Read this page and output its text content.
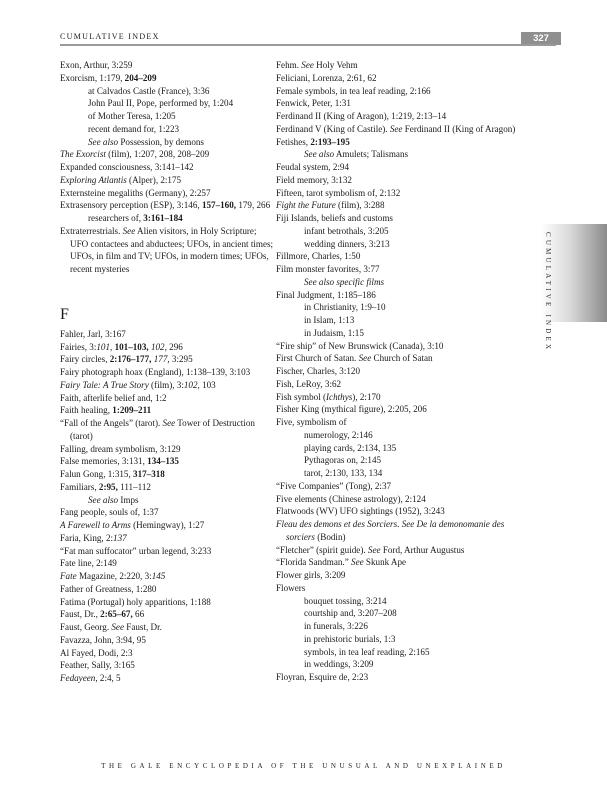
CUMULATIVE INDEX	327
Exon, Arthur, 3:259
Exorcism, 1:179, 204–209
at Calvados Castle (France), 3:36
John Paul II, Pope, performed by, 1:204
of Mother Teresa, 1:205
recent demand for, 1:223
See also Possession, by demons
The Exorcist (film), 1:207, 208, 208–209
Expanded consciousness, 3:141–142
Exploring Atlantis (Alper), 2:175
Externsteine megaliths (Germany), 2:257
Extrasensory perception (ESP), 3:146, 157–160, 179, 266
researchers of, 3:161–184
Extraterrestrials. See Alien visitors, in Holy Scripture; UFO contactees and abductees; UFOs, in ancient times; UFOs, in film and TV; UFOs, in modern times; UFOs, recent mysteries
F
Fahler, Jarl, 3:167
Fairies, 3:101, 101–103, 102, 296
Fairy circles, 2:176–177, 177, 3:295
Fairy photograph hoax (England), 1:138–139, 3:103
Fairy Tale: A True Story (film), 3:102, 103
Faith, afterlife belief and, 1:2
Faith healing, 1:209–211
“Fall of the Angels” (tarot). See Tower of Destruction (tarot)
Falling, dream symbolism, 3:129
False memories, 3:131, 134–135
Falun Gong, 1:315, 317–318
Familiars, 2:95, 111–112
See also Imps
Fang people, souls of, 1:37
A Farewell to Arms (Hemingway), 1:27
Faria, King, 2:137
“Fat man suffocator” urban legend, 3:233
Fate line, 2:149
Fate Magazine, 2:220, 3:145
Father of Greatness, 1:280
Fatima (Portugal) holy apparitions, 1:188
Faust, Dr., 2:65–67, 66
Faust, Georg. See Faust, Dr.
Favazza, John, 3:94, 95
Al Fayed, Dodi, 2:3
Feather, Sally, 3:165
Fedayeen, 2:4, 5
Fehm. See Holy Vehm
Feliciani, Lorenza, 2:61, 62
Female symbols, in tea leaf reading, 2:166
Fenwick, Peter, 1:31
Ferdinand II (King of Aragon), 1:219, 2:13–14
Ferdinand V (King of Castile). See Ferdinand II (King of Aragon)
Fetishes, 2:193–195
See also Amulets; Talismans
Feudal system, 2:94
Field memory, 3:132
Fifteen, tarot symbolism of, 2:132
Fight the Future (film), 3:288
Fiji Islands, beliefs and customs
infant betrothals, 3:205
wedding dinners, 3:213
Fillmore, Charles, 1:50
Film monster favorites, 3:77
See also specific films
Final Judgment, 1:185–186
in Christianity, 1:9–10
in Islam, 1:13
in Judaism, 1:15
“Fire ship” of New Brunswick (Canada), 3:10
First Church of Satan. See Church of Satan
Fischer, Charles, 3:120
Fish, LeRoy, 3:62
Fish symbol (Ichthys), 2:170
Fisher King (mythical figure), 2:205, 206
Five, symbolism of
numerology, 2:146
playing cards, 2:134, 135
Pythagoras on, 2:145
tarot, 2:130, 133, 134
“Five Companies” (Tong), 2:37
Five elements (Chinese astrology), 2:124
Flatwoods (WV) UFO sightings (1952), 3:243
Fleau des demons et des Sorciers. See De la demonomanie des sorciers (Bodin)
“Fletcher” (spirit guide). See Ford, Arthur Augustus
“Florida Sandman.” See Skunk Ape
Flower girls, 3:209
Flowers
bouquet tossing, 3:214
courtship and, 3:207–208
in funerals, 3:226
in prehistoric burials, 1:3
symbols, in tea leaf reading, 2:165
in weddings, 3:209
Floyran, Esquire de, 2:23
CUMULATIVE INDEX
THE GALE ENCYCLOPEDIA OF THE UNUSUAL AND UNEXPLAINED
